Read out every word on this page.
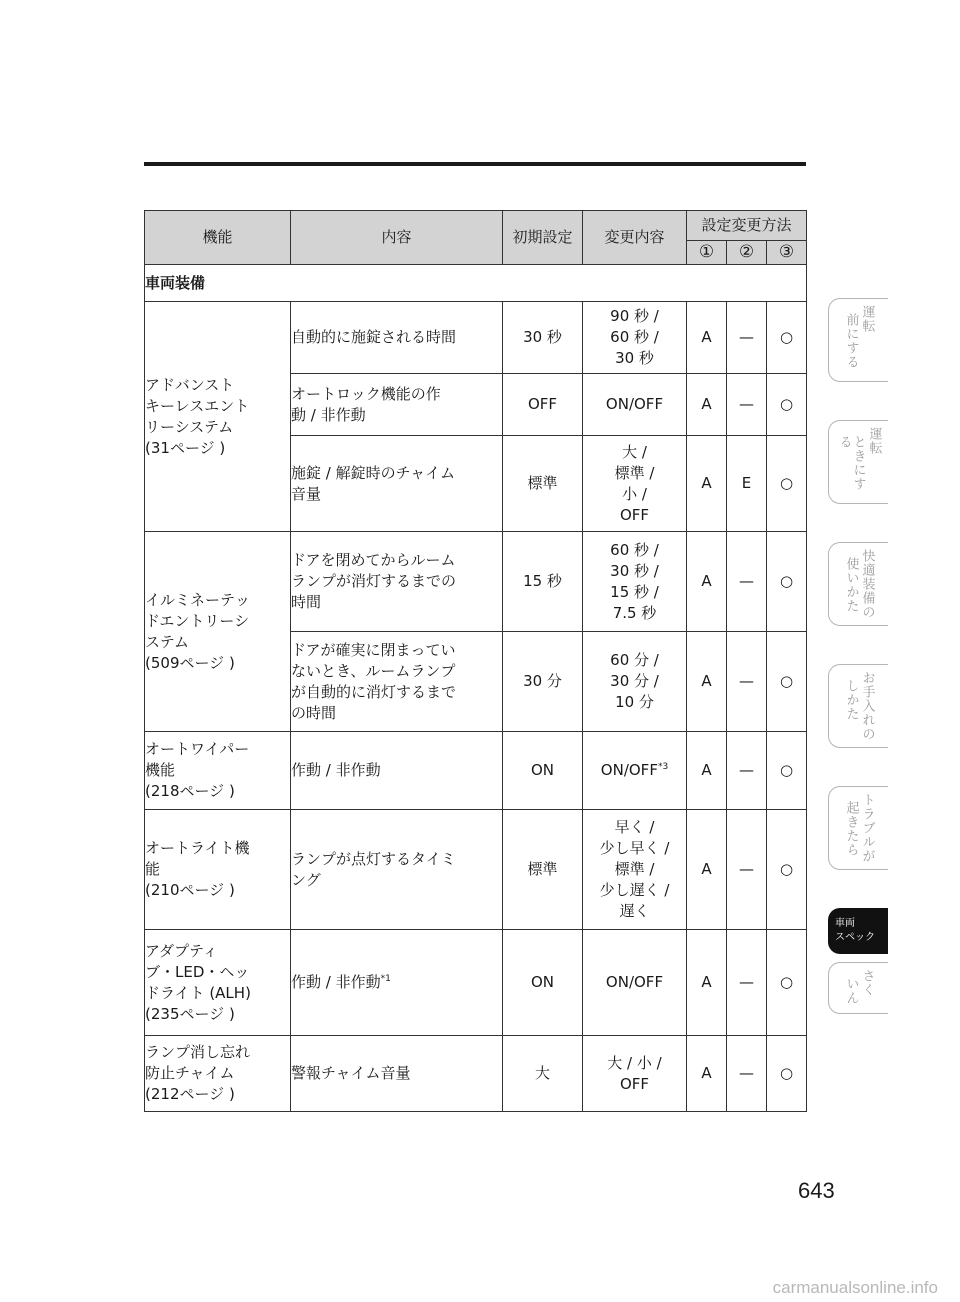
機能	内容	初期設定	変更内容	設定変更方法		
				①	②	③
車両装備						

アドバンスト
キーレスエント
リーシステム
(31ページ )	自動的に施錠される時間	30 秒	90 秒 /
60 秒 /
30 秒	A	—	○

	オートロック機能の作
動 / 非作動	OFF	ON/OFF	A	—	○

	施錠 / 解錠時のチャイム
音量	標準	大 /
標準 /
小 /
OFF	A	E	○

イルミネーテッ
ドエントリーシ
ステム
(509ページ )	ドアを閉めてからルーム
ランプが消灯するまでの
時間	15 秒	60 秒 /
30 秒 /
15 秒 /
7.5 秒	A	—	○

	ドアが確実に閉まってい
ないとき、ルームランプ
が自動的に消灯するまで
の時間	30 分	60 分 /
30 分 /
10 分	A	—	○

オートワイパー
機能
(218ページ )	作動 / 非作動	ON	ON/OFF$^{*3}$	A	—	○

オートライト機
能
(210ページ )	ランプが点灯するタイミ
ング	標準	早く /
少し早く /
標準 /
少し遅く /
遅く	A	—	○

アダプティ
ブ・LED・ヘッ
ドライト (ALH)
(235ページ )	作動 / 非作動$^{*1}$	ON	ON/OFF	A	—	○

ランプ消し忘れ
防止チャイム
(212ページ )	警報チャイム音量	大	大 / 小 /
OFF	A	—	○
運転
前にする
運転
ときにする
快適装備の
使いかた
お手入れの
しかた
トラブルが
起きたら
車両
スペック
さく
いん
643
carmanualsonline.info
